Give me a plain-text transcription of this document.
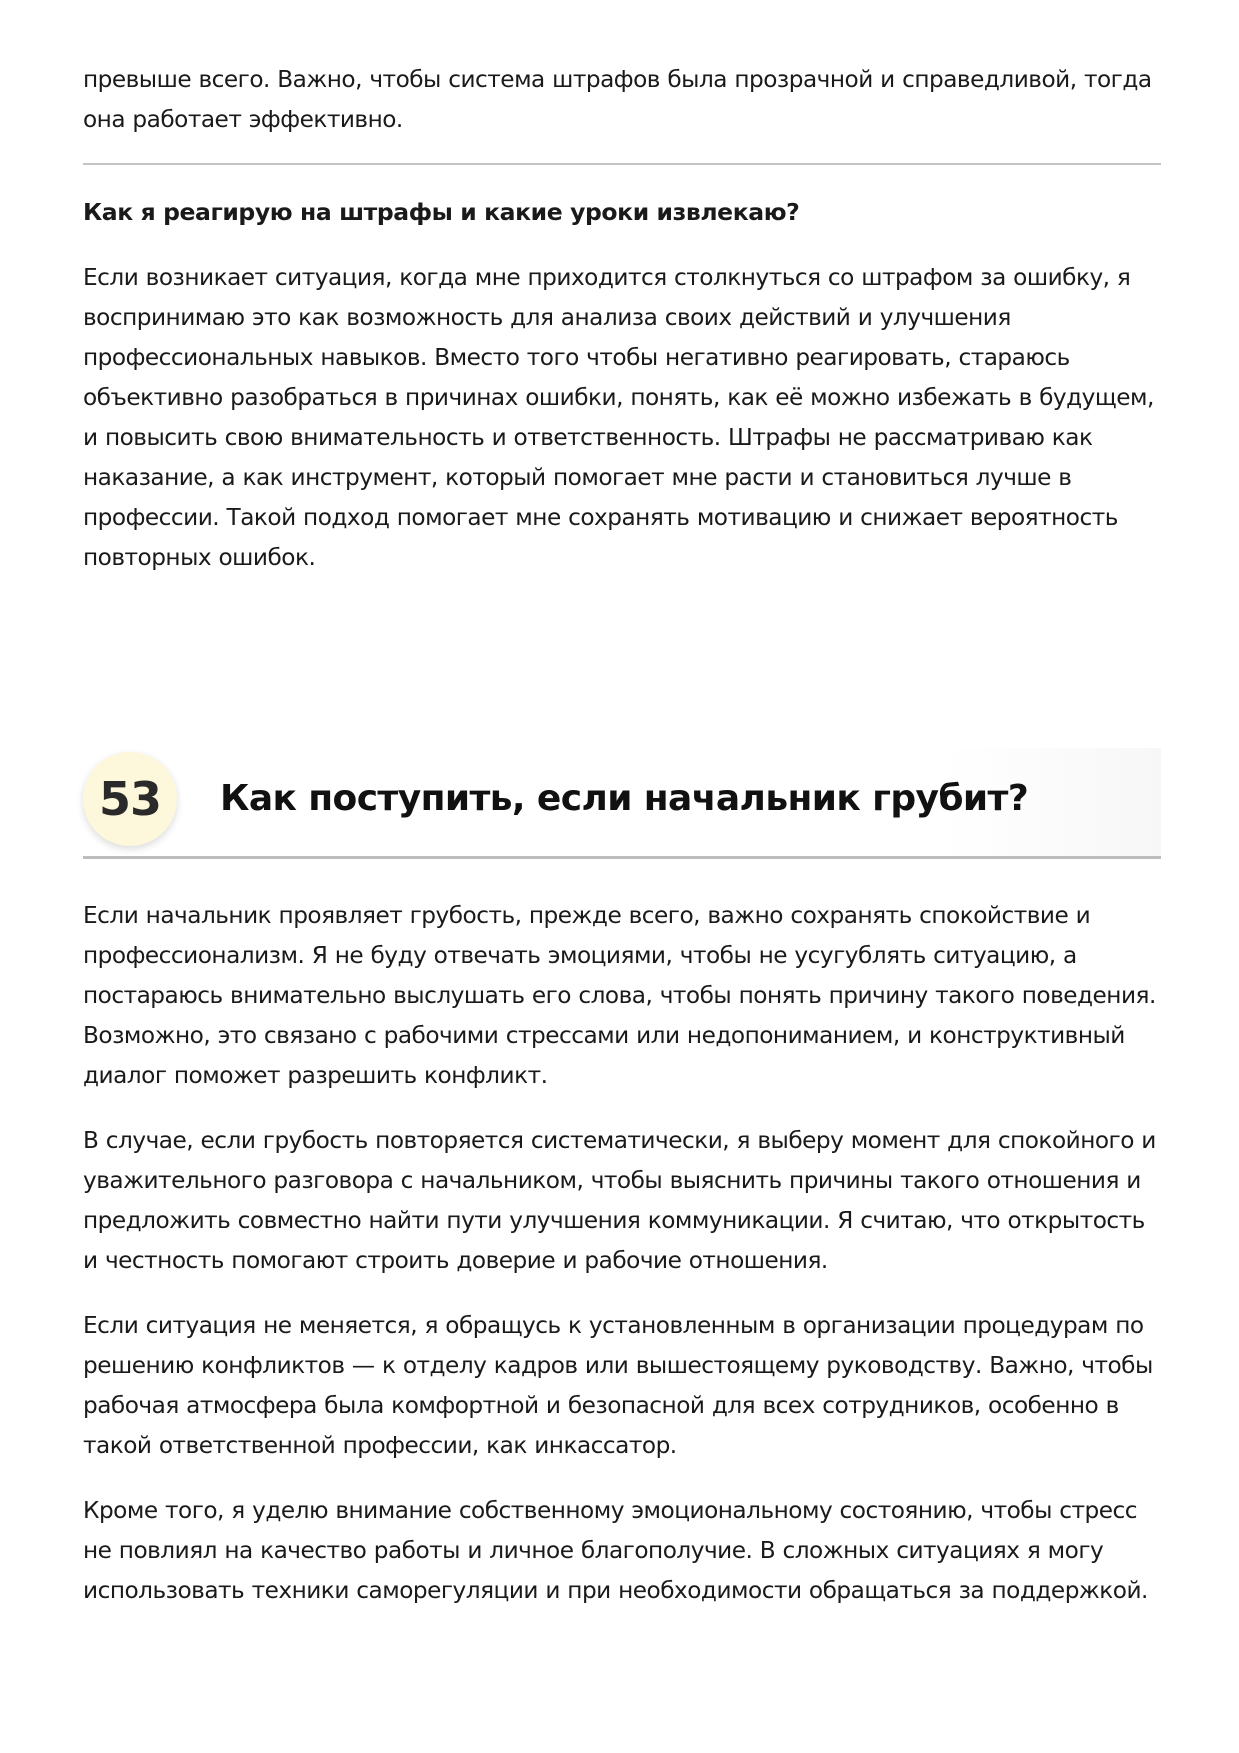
превыше всего. Важно, чтобы система штрафов была прозрачной и справедливой, тогда она работает эффективно.

Как я реагирую на штрафы и какие уроки извлекаю?

Если возникает ситуация, когда мне приходится столкнуться со штрафом за ошибку, я воспринимаю это как возможность для анализа своих действий и улучшения профессиональных навыков. Вместо того чтобы негативно реагировать, стараюсь объективно разобраться в причинах ошибки, понять, как её можно избежать в будущем, и повысить свою внимательность и ответственность. Штрафы не рассматриваю как наказание, а как инструмент, который помогает мне расти и становиться лучше в профессии. Такой подход помогает мне сохранять мотивацию и снижает вероятность повторных ошибок.

53	Как поступить, если начальник грубит?

Если начальник проявляет грубость, прежде всего, важно сохранять спокойствие и профессионализм. Я не буду отвечать эмоциями, чтобы не усугублять ситуацию, а постараюсь внимательно выслушать его слова, чтобы понять причину такого поведения. Возможно, это связано с рабочими стрессами или недопониманием, и конструктивный диалог поможет разрешить конфликт.

В случае, если грубость повторяется систематически, я выберу момент для спокойного и уважительного разговора с начальником, чтобы выяснить причины такого отношения и предложить совместно найти пути улучшения коммуникации. Я считаю, что открытость и честность помогают строить доверие и рабочие отношения.

Если ситуация не меняется, я обращусь к установленным в организации процедурам по решению конфликтов — к отделу кадров или вышестоящему руководству. Важно, чтобы рабочая атмосфера была комфортной и безопасной для всех сотрудников, особенно в такой ответственной профессии, как инкассатор.

Кроме того, я уделю внимание собственному эмоциональному состоянию, чтобы стресс не повлиял на качество работы и личное благополучие. В сложных ситуациях я могу использовать техники саморегуляции и при необходимости обращаться за поддержкой.
